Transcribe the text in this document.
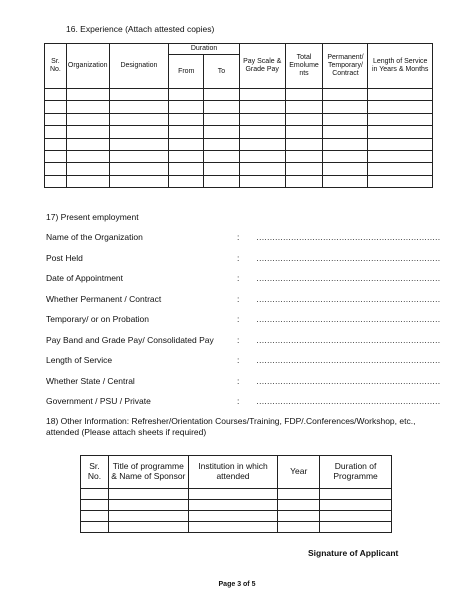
16. Experience (Attach attested copies)
Sr. No.	Organization	Designation	Duration		Pay Scale & Grade Pay	Total Emolume nts	Permanent/ Temporary/ Contract	Length of Service in Years & Months
			From	To				

17) Present employment
Name of the Organization	: ……………………………………………………………
Post Held	: ……………………………………………………………
Date of Appointment	: ……………………………………………………………
Whether Permanent / Contract	: ……………………………………………………………
Temporary/ or on Probation	: ……………………………………………………………
Pay Band and Grade Pay/ Consolidated Pay	: ……………………………………………………………
Length of Service	: ……………………………………………………………
Whether State / Central	: ……………………………………………………………
Government / PSU / Private	: ……………………………………………………………
18) Other Information: Refresher/Orientation Courses/Training, FDP/.Conferences/Workshop, etc., attended (Please attach sheets if required)
Sr. No.	Title of programme & Name of Sponsor	Institution in which attended	Year	Duration of Programme

Signature of Applicant
Page 3 of 5
